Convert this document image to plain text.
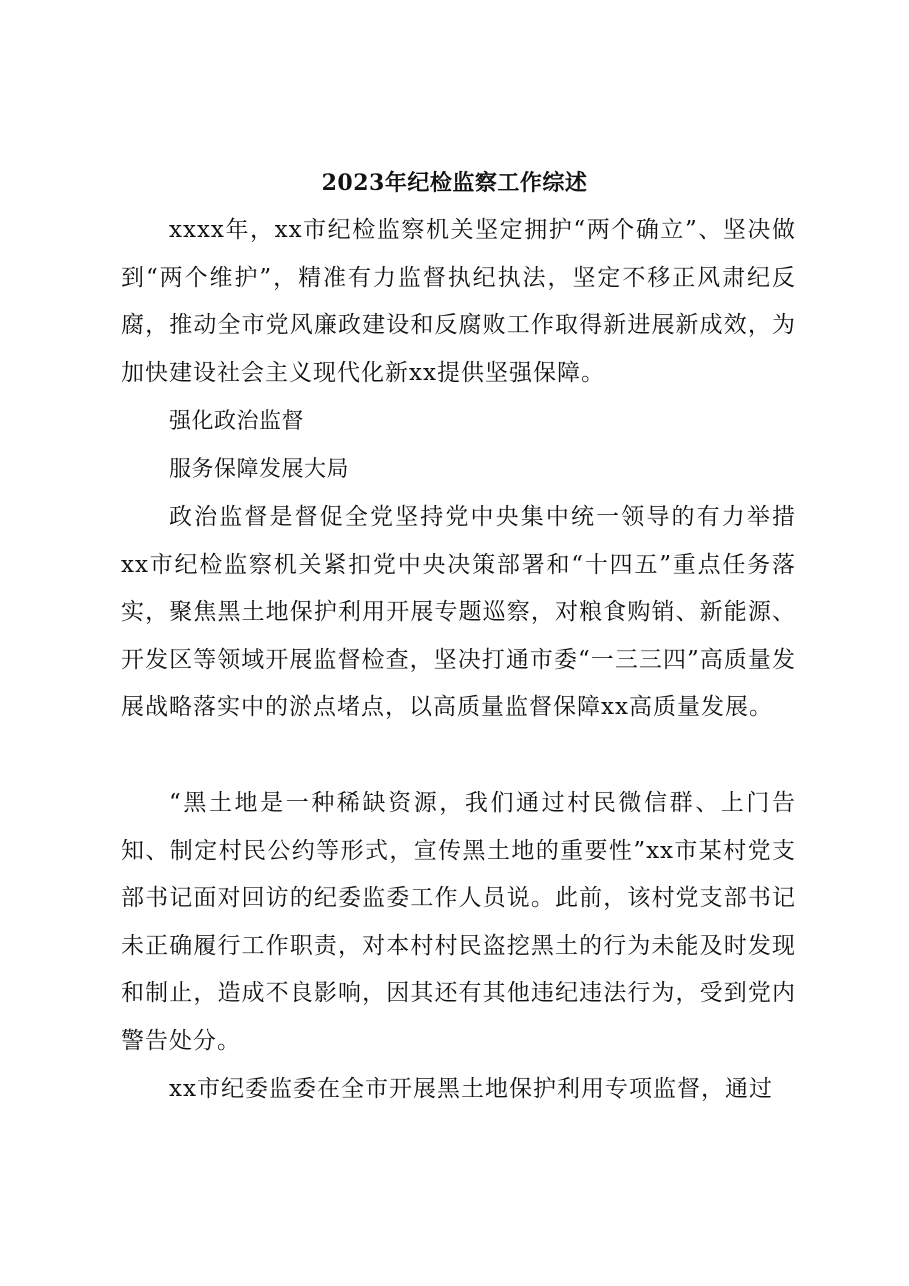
2023年纪检监察工作综述
xxxx年，xx市纪检监察机关坚定拥护“两个确立”、坚决做到“两个维护”，精准有力监督执纪执法，坚定不移正风肃纪反腐，推动全市党风廉政建设和反腐败工作取得新进展新成效，为加快建设社会主义现代化新xx提供坚强保障。
强化政治监督
服务保障发展大局
政治监督是督促全党坚持党中央集中统一领导的有力举措xx市纪检监察机关紧扣党中央决策部署和“十四五”重点任务落实，聚焦黑土地保护利用开展专题巡察，对粮食购销、新能源、开发区等领域开展监督检查，坚决打通市委“一三三四”高质量发展战略落实中的淤点堵点，以高质量监督保障xx高质量发展。
“黑土地是一种稀缺资源，我们通过村民微信群、上门告知、制定村民公约等形式，宣传黑土地的重要性”xx市某村党支部书记面对回访的纪委监委工作人员说。此前，该村党支部书记未正确履行工作职责，对本村村民盗挖黑土的行为未能及时发现和制止，造成不良影响，因其还有其他违纪违法行为，受到党内警告处分。
xx市纪委监委在全市开展黑土地保护利用专项监督，通过
